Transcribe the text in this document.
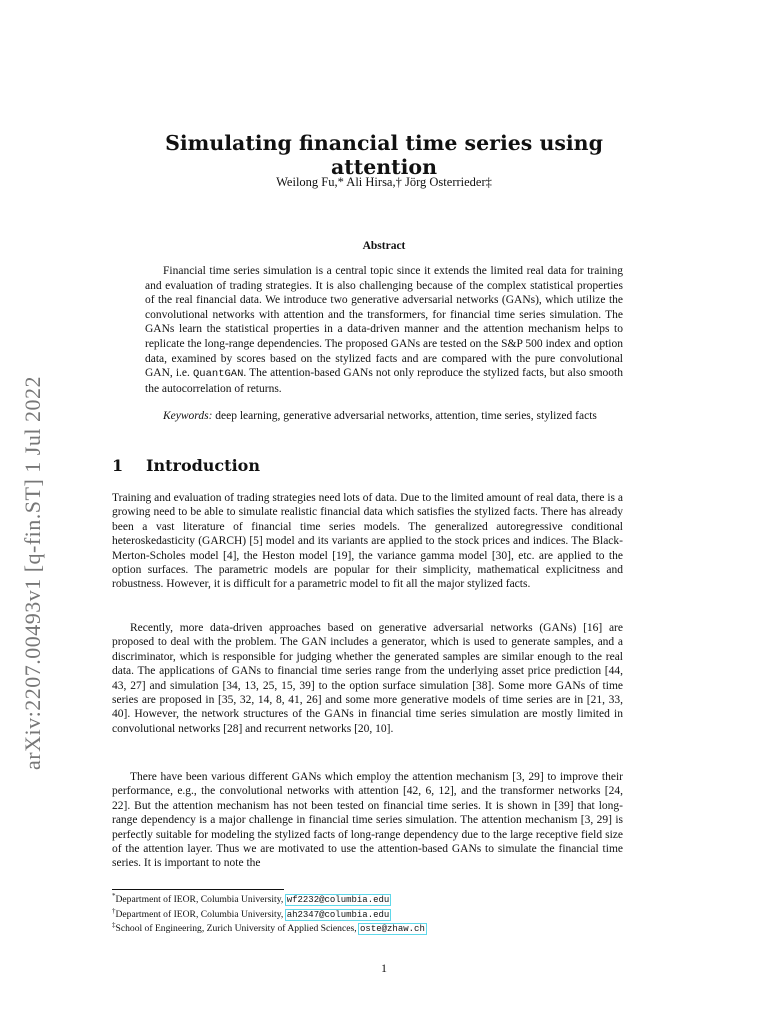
arXiv:2207.00493v1 [q-fin.ST] 1 Jul 2022
Simulating financial time series using attention
Weilong Fu,* Ali Hirsa,† Jörg Osterrieder‡
Abstract
Financial time series simulation is a central topic since it extends the limited real data for training and evaluation of trading strategies. It is also challenging because of the complex statistical properties of the real financial data. We introduce two generative adversarial networks (GANs), which utilize the convolutional networks with attention and the transformers, for financial time series simulation. The GANs learn the statistical properties in a data-driven manner and the attention mechanism helps to replicate the long-range dependencies. The proposed GANs are tested on the S&P 500 index and option data, examined by scores based on the stylized facts and are compared with the pure convolutional GAN, i.e. QuantGAN. The attention-based GANs not only reproduce the stylized facts, but also smooth the autocorrelation of returns.
Keywords: deep learning, generative adversarial networks, attention, time series, stylized facts
1 Introduction
Training and evaluation of trading strategies need lots of data. Due to the limited amount of real data, there is a growing need to be able to simulate realistic financial data which satisfies the stylized facts. There has already been a vast literature of financial time series models. The generalized autoregressive conditional heteroskedasticity (GARCH) [5] model and its variants are applied to the stock prices and indices. The Black-Merton-Scholes model [4], the Heston model [19], the variance gamma model [30], etc. are applied to the option surfaces. The parametric models are popular for their simplicity, mathematical explicitness and robustness. However, it is difficult for a parametric model to fit all the major stylized facts.
Recently, more data-driven approaches based on generative adversarial networks (GANs) [16] are proposed to deal with the problem. The GAN includes a generator, which is used to generate samples, and a discriminator, which is responsible for judging whether the generated samples are similar enough to the real data. The applications of GANs to financial time series range from the underlying asset price prediction [44, 43, 27] and simulation [34, 13, 25, 15, 39] to the option surface simulation [38]. Some more GANs of time series are proposed in [35, 32, 14, 8, 41, 26] and some more generative models of time series are in [21, 33, 40]. However, the network structures of the GANs in financial time series simulation are mostly limited in convolutional networks [28] and recurrent networks [20, 10].
There have been various different GANs which employ the attention mechanism [3, 29] to improve their performance, e.g., the convolutional networks with attention [42, 6, 12], and the transformer networks [24, 22]. But the attention mechanism has not been tested on financial time series. It is shown in [39] that long-range dependency is a major challenge in financial time series simulation. The attention mechanism [3, 29] is perfectly suitable for modeling the stylized facts of long-range dependency due to the large receptive field size of the attention layer. Thus we are motivated to use the attention-based GANs to simulate the financial time series. It is important to note the
*Department of IEOR, Columbia University, wf2232@columbia.edu
†Department of IEOR, Columbia University, ah2347@columbia.edu
‡School of Engineering, Zurich University of Applied Sciences, oste@zhaw.ch
1
